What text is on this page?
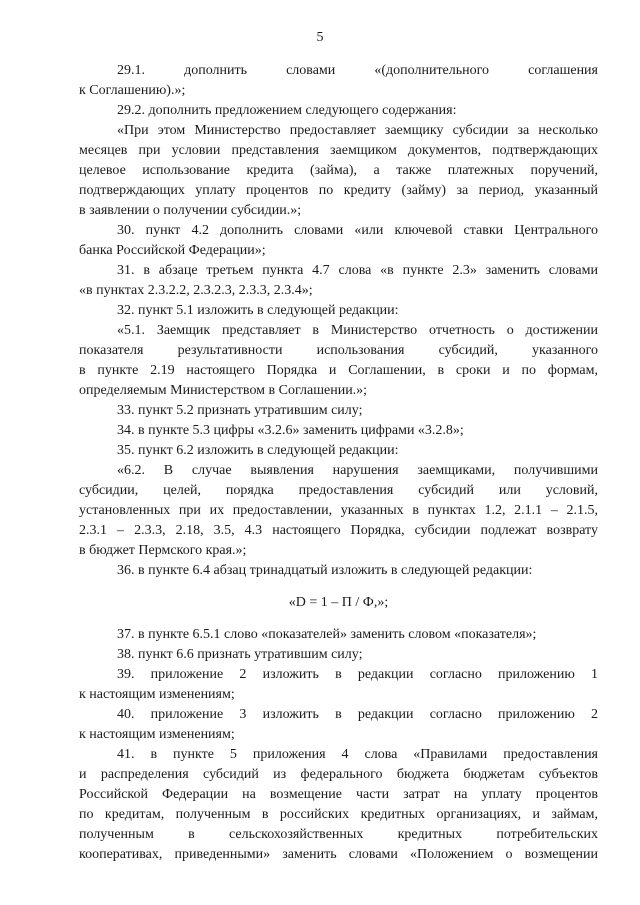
5
29.1. дополнить словами «(дополнительного соглашения
к Соглашению).»;
29.2. дополнить предложением следующего содержания:
«При этом Министерство предоставляет заемщику субсидии за несколько
месяцев при условии представления заемщиком документов, подтверждающих
целевое использование кредита (займа), а также платежных поручений,
подтверждающих уплату процентов по кредиту (займу) за период, указанный
в заявлении о получении субсидии.»;
30. пункт 4.2 дополнить словами «или ключевой ставки Центрального
банка Российской Федерации»;
31. в абзаце третьем пункта 4.7 слова «в пункте 2.3» заменить словами
«в пунктах 2.3.2.2, 2.3.2.3, 2.3.3, 2.3.4»;
32. пункт 5.1 изложить в следующей редакции:
«5.1. Заемщик представляет в Министерство отчетность о достижении
показателя результативности использования субсидий, указанного
в пункте 2.19 настоящего Порядка и Соглашении, в сроки и по формам,
определяемым Министерством в Соглашении.»;
33. пункт 5.2 признать утратившим силу;
34. в пункте 5.3 цифры «3.2.6» заменить цифрами «3.2.8»;
35. пункт 6.2 изложить в следующей редакции:
«6.2. В случае выявления нарушения заемщиками, получившими
субсидии, целей, порядка предоставления субсидий или условий,
установленных при их предоставлении, указанных в пунктах 1.2, 2.1.1 – 2.1.5,
2.3.1 – 2.3.3, 2.18, 3.5, 4.3 настоящего Порядка, субсидии подлежат возврату
в бюджет Пермского края.»;
36. в пункте 6.4 абзац тринадцатый изложить в следующей редакции:
«D = 1 – П / Ф,»;
37. в пункте 6.5.1 слово «показателей» заменить словом «показателя»;
38. пункт 6.6 признать утратившим силу;
39. приложение 2 изложить в редакции согласно приложению 1
к настоящим изменениям;
40. приложение 3 изложить в редакции согласно приложению 2
к настоящим изменениям;
41. в пункте 5 приложения 4 слова «Правилами предоставления
и распределения субсидий из федерального бюджета бюджетам субъектов
Российской Федерации на возмещение части затрат на уплату процентов
по кредитам, полученным в российских кредитных организациях, и займам,
полученным в сельскохозяйственных кредитных потребительских
кооперативах, приведенными» заменить словами «Положением о возмещении
